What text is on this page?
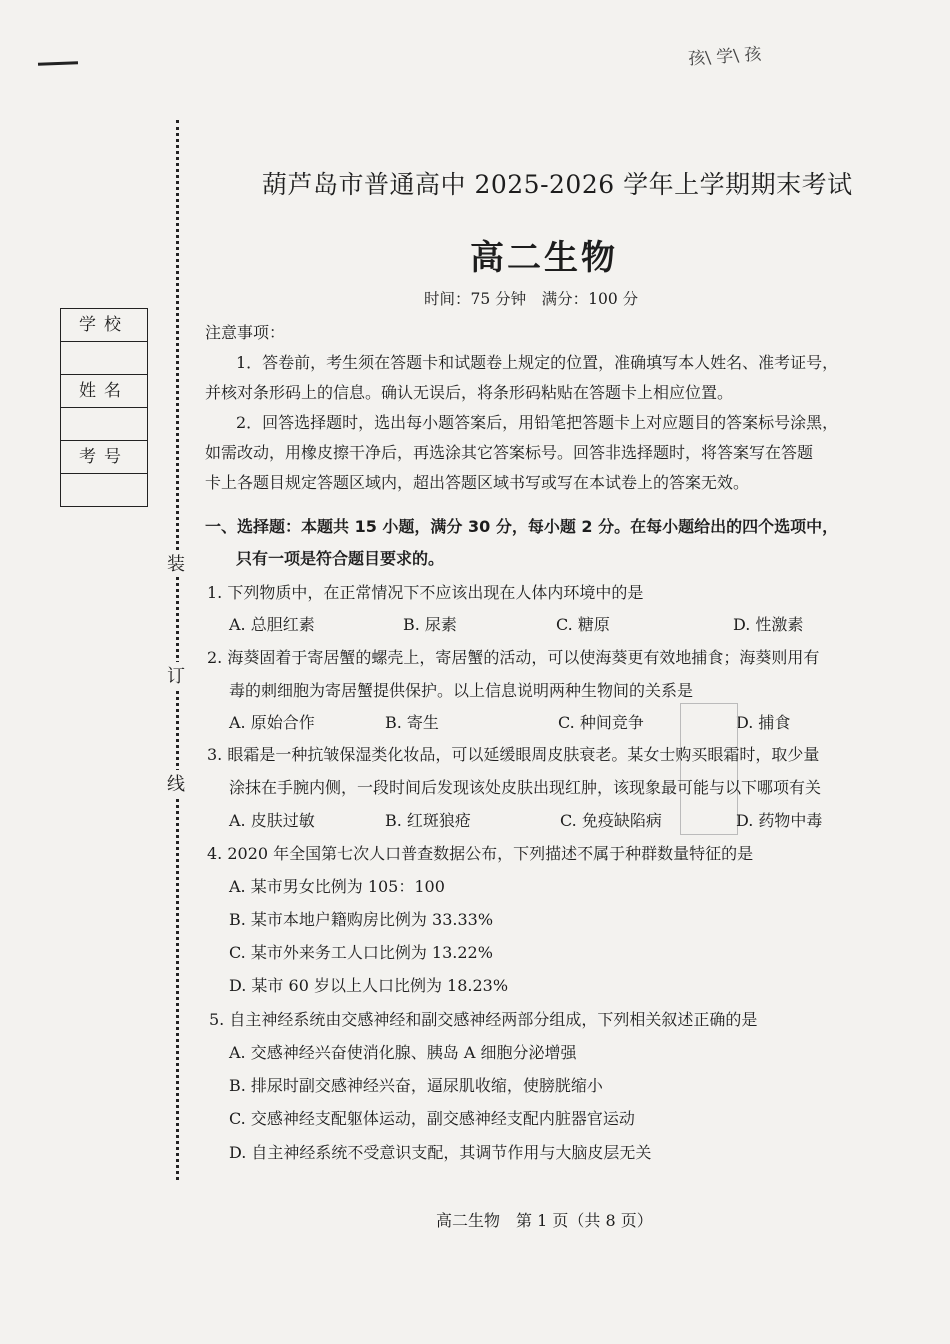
孩\ 学\ 孩
装
订
线
学校
姓名
考号
葫芦岛市普通高中 2025-2026 学年上学期期末考试
高二生物
时间：75 分钟　满分：100 分
注意事项：
1．答卷前，考生须在答题卡和试题卷上规定的位置，准确填写本人姓名、准考证号，
并核对条形码上的信息。确认无误后，将条形码粘贴在答题卡上相应位置。
2．回答选择题时，选出每小题答案后，用铅笔把答题卡上对应题目的答案标号涂黑，
如需改动，用橡皮擦干净后，再选涂其它答案标号。回答非选择题时，将答案写在答题
卡上各题目规定答题区域内，超出答题区域书写或写在本试卷上的答案无效。
一、选择题：本题共 15 小题，满分 30 分，每小题 2 分。在每小题给出的四个选项中，
只有一项是符合题目要求的。
1. 下列物质中，在正常情况下不应该出现在人体内环境中的是
A. 总胆红素	B. 尿素	C. 糖原	D. 性激素
2. 海葵固着于寄居蟹的螺壳上，寄居蟹的活动，可以使海葵更有效地捕食；海葵则用有
毒的刺细胞为寄居蟹提供保护。以上信息说明两种生物间的关系是
A. 原始合作	B. 寄生	C. 种间竞争	D. 捕食
3. 眼霜是一种抗皱保湿类化妆品，可以延缓眼周皮肤衰老。某女士购买眼霜时，取少量
涂抹在手腕内侧，一段时间后发现该处皮肤出现红肿，该现象最可能与以下哪项有关
A. 皮肤过敏	B. 红斑狼疮	C. 免疫缺陷病	D. 药物中毒
4. 2020 年全国第七次人口普查数据公布，下列描述不属于种群数量特征的是
A. 某市男女比例为 105：100
B. 某市本地户籍购房比例为 33.33%
C. 某市外来务工人口比例为 13.22%
D. 某市 60 岁以上人口比例为 18.23%
5. 自主神经系统由交感神经和副交感神经两部分组成，下列相关叙述正确的是
A. 交感神经兴奋使消化腺、胰岛 A 细胞分泌增强
B. 排尿时副交感神经兴奋，逼尿肌收缩，使膀胱缩小
C. 交感神经支配躯体运动，副交感神经支配内脏器官运动
D. 自主神经系统不受意识支配，其调节作用与大脑皮层无关
高二生物　第 1 页（共 8 页）
